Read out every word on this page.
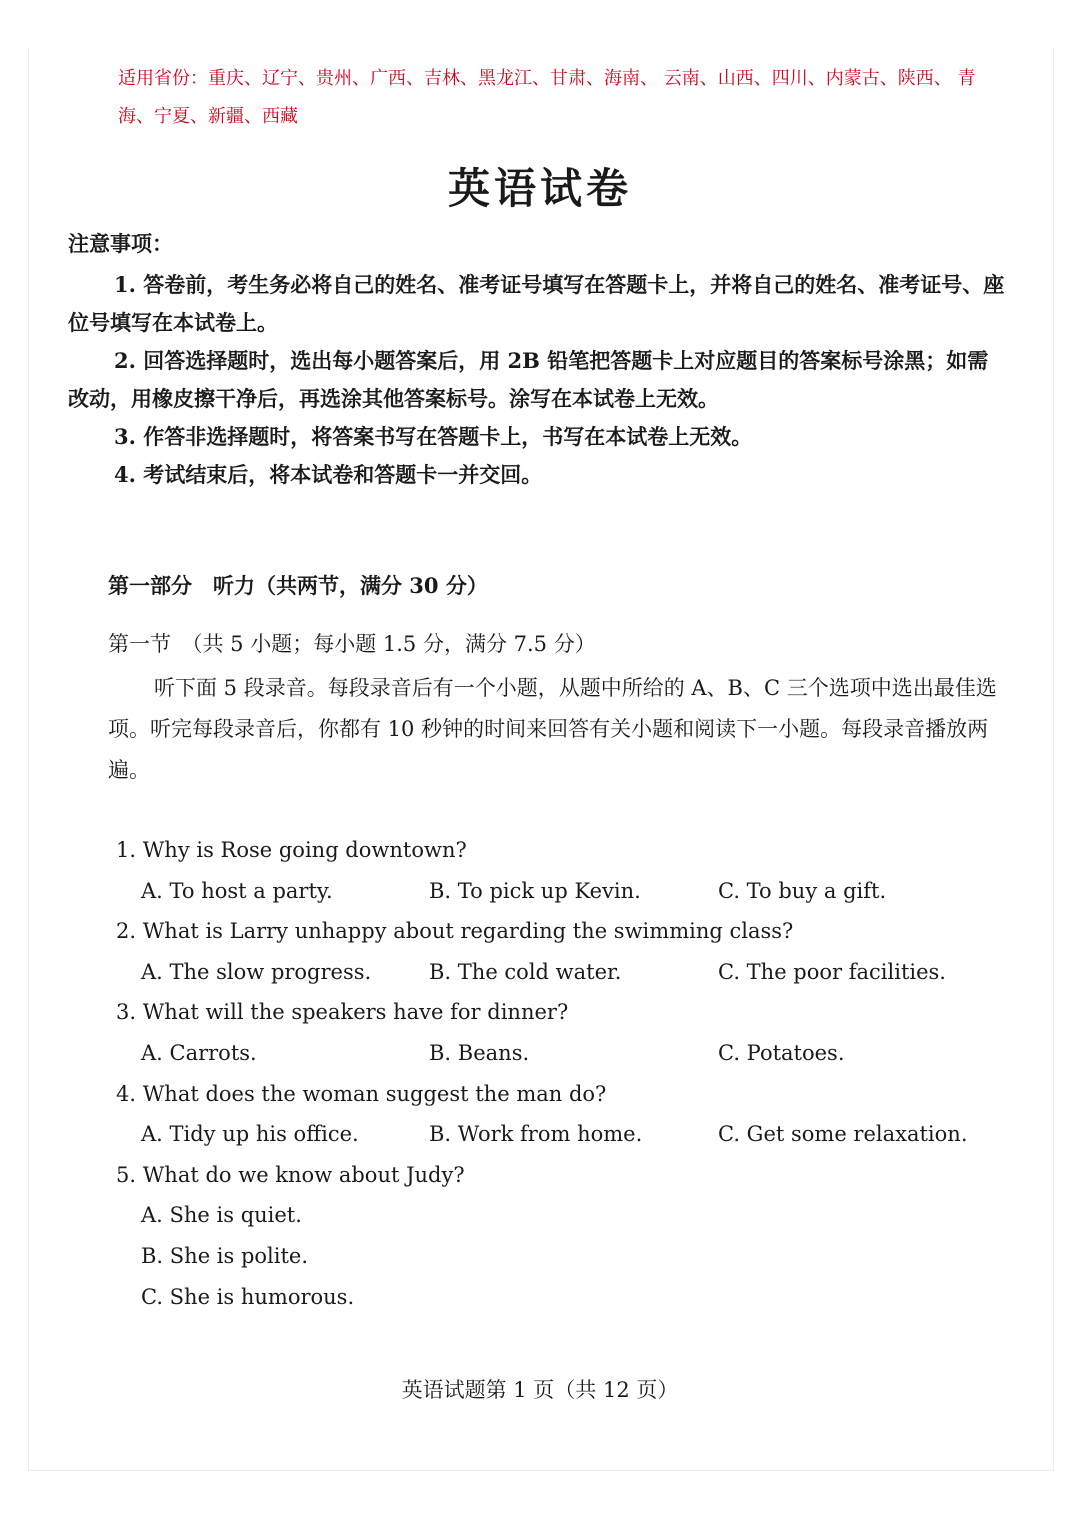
适用省份：重庆、辽宁、贵州、广西、吉林、黑龙江、甘肃、海南、 云南、山西、四川、内蒙古、陕西、 青海、宁夏、新疆、西藏

英语试卷

注意事项：

1. 答卷前，考生务必将自己的姓名、准考证号填写在答题卡上，并将自己的姓名、准考证号、座位号填写在本试卷上。
2. 回答选择题时，选出每小题答案后，用 2B 铅笔把答题卡上对应题目的答案标号涂黑；如需改动，用橡皮擦干净后，再选涂其他答案标号。涂写在本试卷上无效。
3. 作答非选择题时，将答案书写在答题卡上，书写在本试卷上无效。
4. 考试结束后，将本试卷和答题卡一并交回。

第一部分　听力（共两节，满分 30 分）

第一节　（共 5 小题；每小题 1.5 分，满分 7.5 分）

听下面 5 段录音。每段录音后有一个小题，从题中所给的 A、B、C 三个选项中选出最佳选项。听完每段录音后，你都有 10 秒钟的时间来回答有关小题和阅读下一小题。每段录音播放两遍。

1. Why is Rose going downtown?
A. To host a party.	B. To pick up Kevin.	C. To buy a gift.
2. What is Larry unhappy about regarding the swimming class?
A. The slow progress.	B. The cold water.	C. The poor facilities.
3. What will the speakers have for dinner?
A. Carrots.	B. Beans.	C. Potatoes.
4. What does the woman suggest the man do?
A. Tidy up his office.	B. Work from home.	C. Get some relaxation.
5. What do we know about Judy?
A. She is quiet.
B. She is polite.
C. She is humorous.

英语试题第 1 页（共 12 页）
